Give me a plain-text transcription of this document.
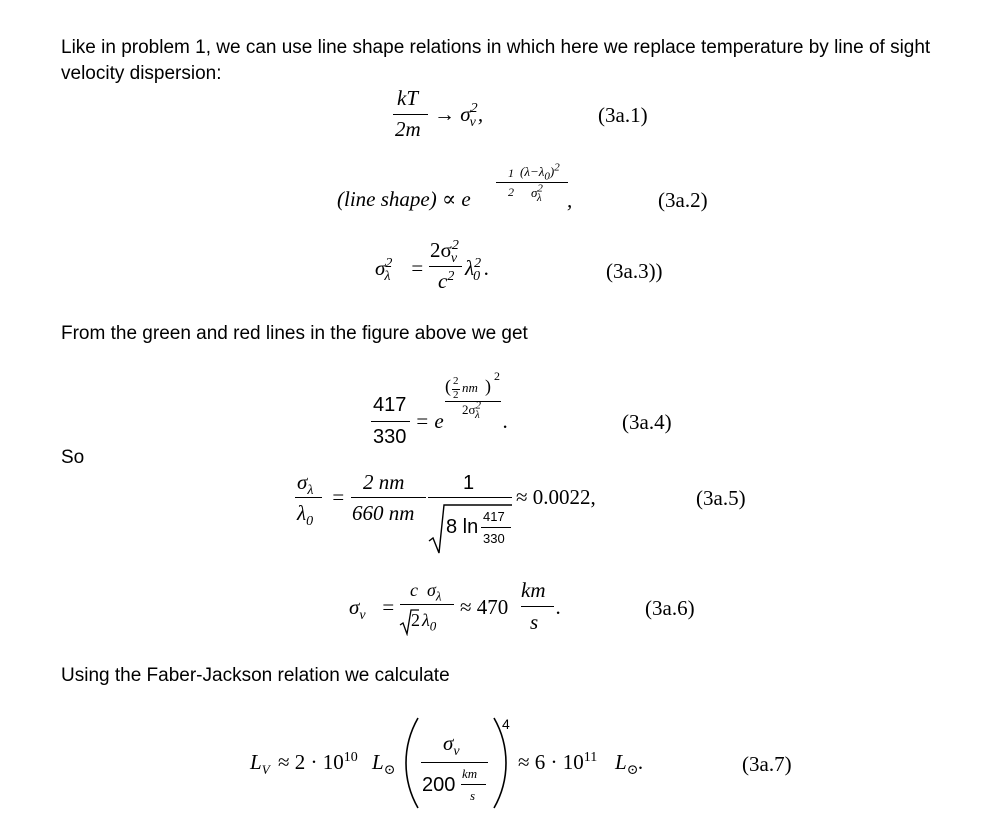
Like in problem 1, we can use line shape relations in which here we replace temperature by line of sight
velocity dispersion:
From the green and red lines in the figure above we get
So
Using the Faber-Jackson relation we calculate
kT
2m
→ $\sigma^2_v$,	(3a.1)
(line shape) ∝ e
1 $(\lambda-\lambda_0)^2$
2 $\sigma^2_\lambda$ ,	(3a.2)
$\sigma^2_\lambda$ =
$2\sigma^2_v$
$c^2$ $\lambda^2_0$ .	(3a.3))
417
330
= e
( 2
2 nm ) 2
$2\sigma^2_\lambda$ .	(3a.4)
$\sigma_\lambda$
$\lambda_0$
=
2 nm
660 nm
1
8 ln 417
330
≈ 0.0022,	(3a.5)
$\sigma_v$ =
c  $\sigma_\lambda$
2 $\lambda_0$
≈ 470
km
s
.	(3a.6)
$L_V \approx 2 \cdot 10^{10}$ $L_⊙$
$\sigma_v$
200
km
s
4
≈ $6 \cdot 10^{11}$ $L_⊙$.	(3a.7)
